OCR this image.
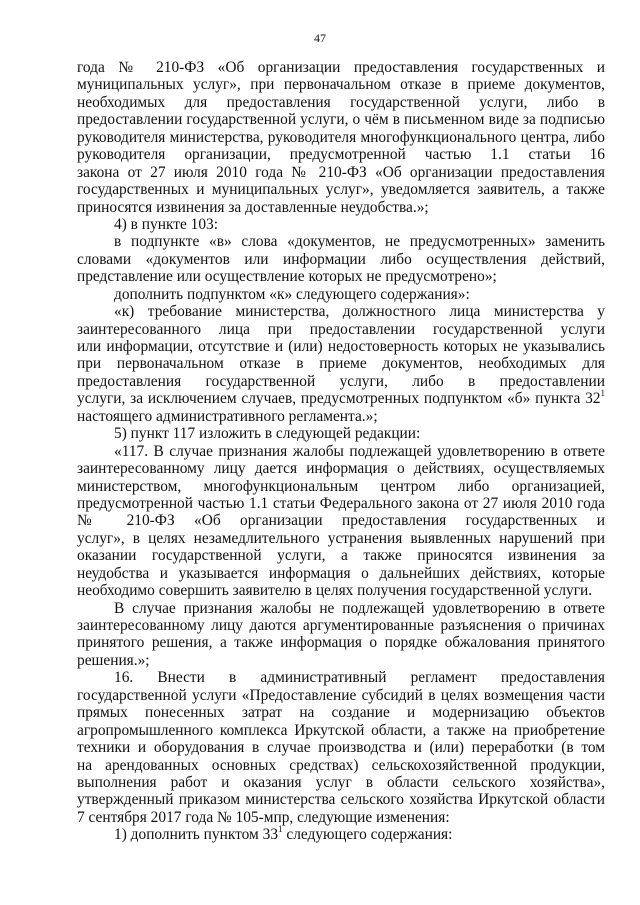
47
года № 210-ФЗ «Об организации предоставления государственных и
муниципальных услуг», при первоначальном отказе в приеме документов,
необходимых для предоставления государственной услуги, либо в
предоставлении государственной услуги, о чём в письменном виде за подписью
руководителя министерства, руководителя многофункционального центра, либо
руководителя организации, предусмотренной частью 1.1 статьи 16
закона от 27 июля 2010 года № 210-ФЗ «Об организации предоставления
государственных и муниципальных услуг», уведомляется заявитель, а также
приносятся извинения за доставленные неудобства.»;
4) в пункте 103:
в подпункте «в» слова «документов, не предусмотренных» заменить
словами «документов или информации либо осуществления действий,
представление или осуществление которых не предусмотрено»;
дополнить подпунктом «к» следующего содержания»:
«к) требование министерства, должностного лица министерства у
заинтересованного лица при предоставлении государственной услуги
или информации, отсутствие и (или) недостоверность которых не указывались
при первоначальном отказе в приеме документов, необходимых для
предоставления государственной услуги, либо в предоставлении
услуги, за исключением случаев, предусмотренных подпунктом «б» пункта $32^1$
настоящего административного регламента.»;
5) пункт 117 изложить в следующей редакции:
«117. В случае признания жалобы подлежащей удовлетворению в ответе
заинтересованному лицу дается информация о действиях, осуществляемых
министерством, многофункциональным центром либо организацией,
предусмотренной частью 1.1 статьи Федерального закона от 27 июля 2010 года
№ 210-ФЗ «Об организации предоставления государственных и
услуг», в целях незамедлительного устранения выявленных нарушений при
оказании государственной услуги, а также приносятся извинения за
неудобства и указывается информация о дальнейших действиях, которые
необходимо совершить заявителю в целях получения государственной услуги.
В случае признания жалобы не подлежащей удовлетворению в ответе
заинтересованному лицу даются аргументированные разъяснения о причинах
принятого решения, а также информация о порядке обжалования принятого
решения.»;
16. Внести в административный регламент предоставления
государственной услуги «Предоставление субсидий в целях возмещения части
прямых понесенных затрат на создание и модернизацию объектов
агропромышленного комплекса Иркутской области, а также на приобретение
техники и оборудования в случае производства и (или) переработки (в том
на арендованных основных средствах) сельскохозяйственной продукции,
выполнения работ и оказания услуг в области сельского хозяйства»,
утвержденный приказом министерства сельского хозяйства Иркутской области
7 сентября 2017 года № 105-мпр, следующие изменения:
1) дополнить пунктом $33^1$ следующего содержания:
